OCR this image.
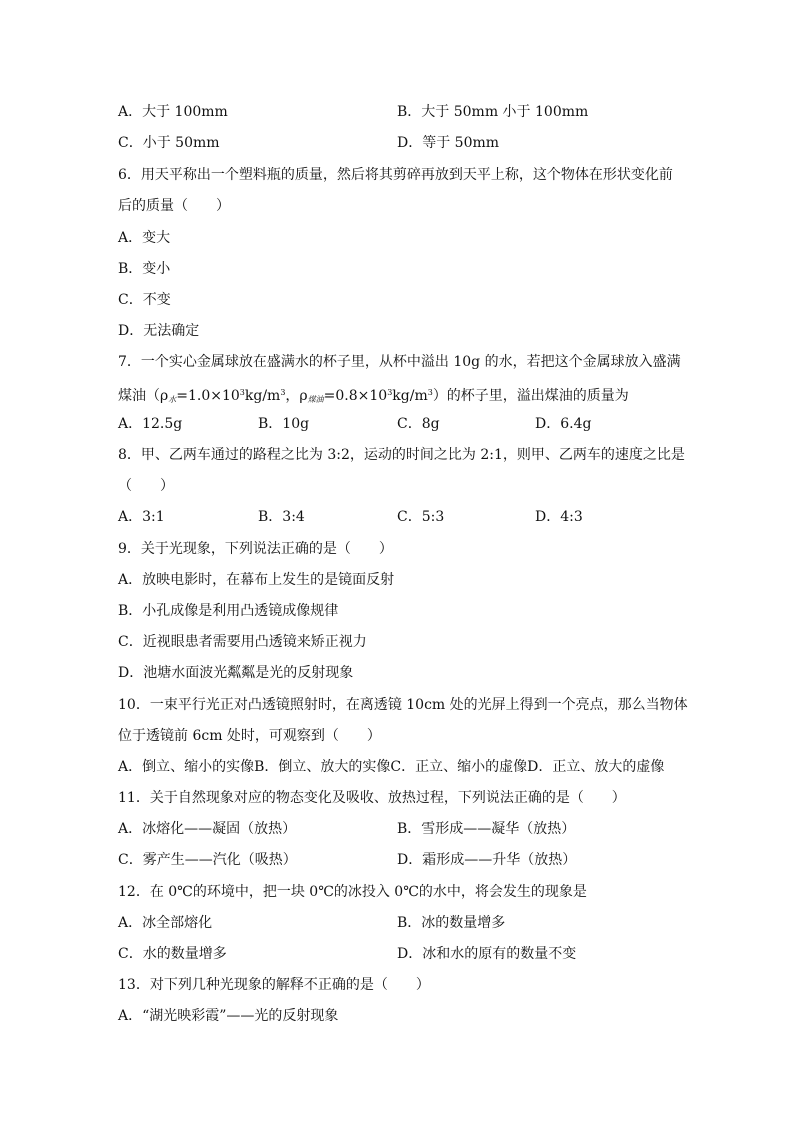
A．大于 100mm	B．大于 50mm 小于 100mm
C．小于 50mm	D．等于 50mm
6．用天平称出一个塑料瓶的质量，然后将其剪碎再放到天平上称，这个物体在形状变化前
后的质量（　　）
A．变大
B．变小
C．不变
D．无法确定
7．一个实心金属球放在盛满水的杯子里，从杯中溢出 10g 的水，若把这个金属球放入盛满
煤油（$\rho_水=1.0\times 10^3kg/m^3$，$\rho_{煤油}=0.8\times 10^3kg/m^3$）的杯子里，溢出煤油的质量为
A．12.5g	B．10g	C．8g	D．6.4g
8．甲、乙两车通过的路程之比为 3:2，运动的时间之比为 2:1，则甲、乙两车的速度之比是
（　　）
A．3:1	B．3:4	C．5:3	D．4:3
9．关于光现象，下列说法正确的是（　　）
A．放映电影时，在幕布上发生的是镜面反射
B．小孔成像是利用凸透镜成像规律
C．近视眼患者需要用凸透镜来矫正视力
D．池塘水面波光粼粼是光的反射现象
10．一束平行光正对凸透镜照射时，在离透镜 10cm 处的光屏上得到一个亮点，那么当物体
位于透镜前 6cm 处时，可观察到（　　）
A．倒立、缩小的实像B．倒立、放大的实像C．正立、缩小的虚像D．正立、放大的虚像
11．关于自然现象对应的物态变化及吸收、放热过程，下列说法正确的是（　　）
A．冰熔化——凝固（放热）	B．雪形成——凝华（放热）
C．雾产生——汽化（吸热）	D．霜形成——升华（放热）
12．在 0℃的环境中，把一块 0℃的冰投入 0℃的水中，将会发生的现象是
A．冰全部熔化	B．冰的数量增多
C．水的数量增多	D．冰和水的原有的数量不变
13．对下列几种光现象的解释不正确的是（　　）
A．“湖光映彩霞”——光的反射现象
